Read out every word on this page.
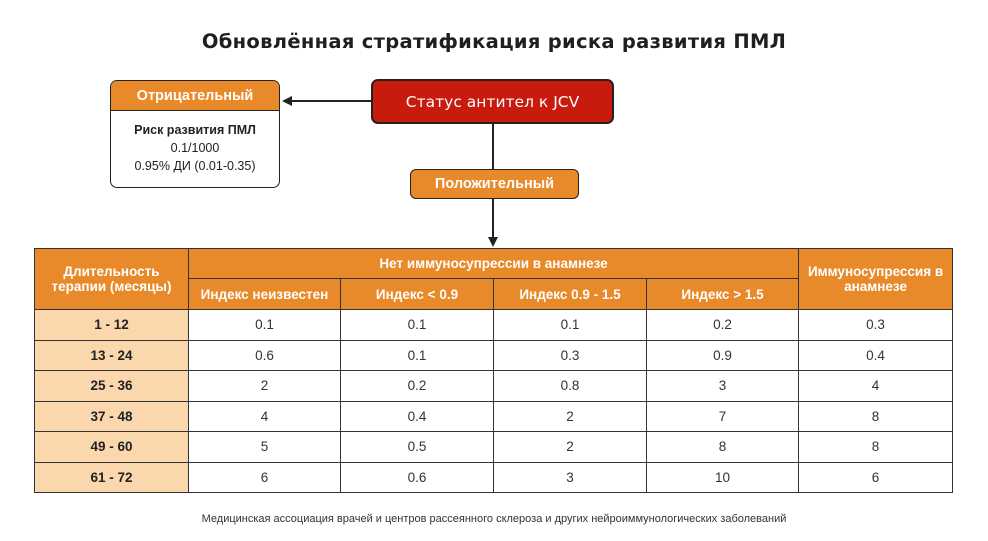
Обновлённая стратификация риска развития ПМЛ
Статус антител к JCV
Отрицательный
Риск развития ПМЛ
0.1/1000
0.95% ДИ (0.01-0.35)
Положительный
Длительность терапии (месяцы)	Нет иммуносупрессии в анамнезе				Иммуносупрессия в анамнезе
	Индекс неизвестен	Индекс < 0.9	Индекс 0.9 - 1.5	Индекс > 1.5	
1 - 12	0.1	0.1	0.1	0.2	0.3
13 - 24	0.6	0.1	0.3	0.9	0.4
25 - 36	2	0.2	0.8	3	4
37 - 48	4	0.4	2	7	8
49 - 60	5	0.5	2	8	8
61 - 72	6	0.6	3	10	6
Медицинская ассоциация врачей и центров рассеянного склероза и других нейроиммунологических заболеваний
